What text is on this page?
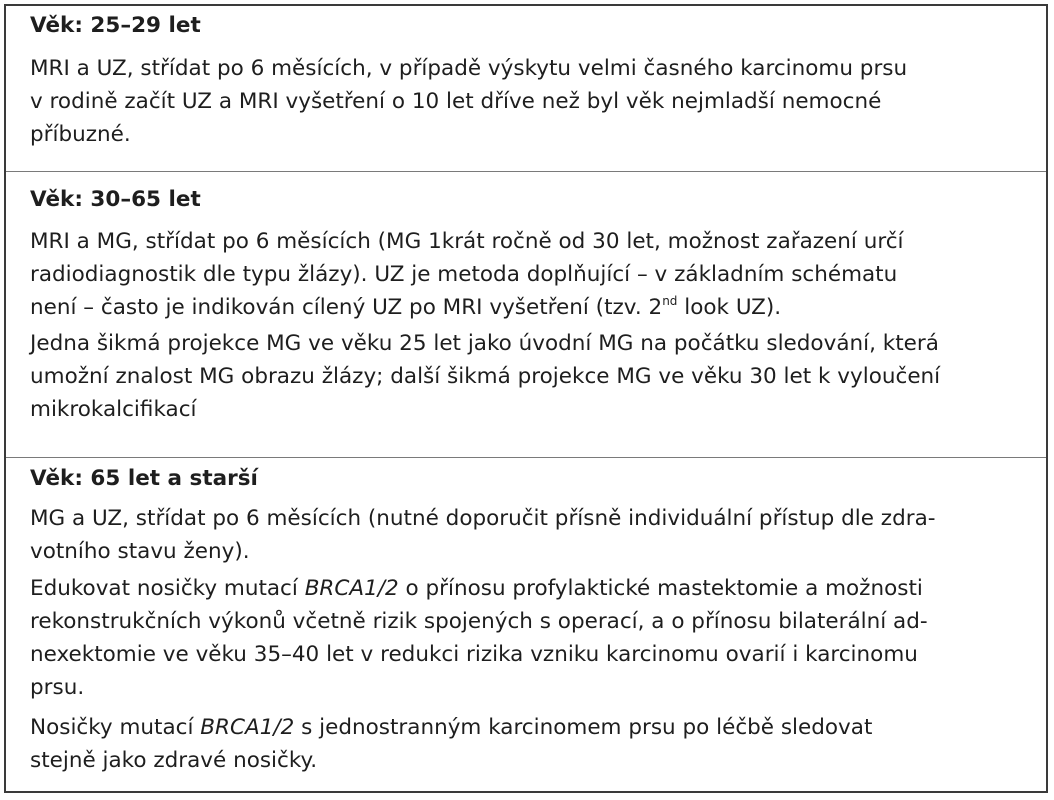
Věk: 25–29 let
MRI a UZ, střídat po 6 měsících, v případě výskytu velmi časného karcinomu prsu
v rodině začít UZ a MRI vyšetření o 10 let dříve než byl věk nejmladší nemocné
příbuzné.
Věk: 30–65 let
MRI a MG, střídat po 6 měsících (MG 1krát ročně od 30 let, možnost zařazení určí
radiodiagnostik dle typu žlázy). UZ je metoda doplňující – v základním schématu
není – často je indikován cílený UZ po MRI vyšetření (tzv. 2nd look UZ).
Jedna šikmá projekce MG ve věku 25 let jako úvodní MG na počátku sledování, která
umožní znalost MG obrazu žlázy; další šikmá projekce MG ve věku 30 let k vyloučení
mikrokalcifikací
Věk: 65 let a starší
MG a UZ, střídat po 6 měsících (nutné doporučit přísně individuální přístup dle zdra-
votního stavu ženy).
Edukovat nosičky mutací BRCA1/2 o přínosu profylaktické mastektomie a možnosti
rekonstrukčních výkonů včetně rizik spojených s operací, a o přínosu bilaterální ad-
nexektomie ve věku 35–40 let v redukci rizika vzniku karcinomu ovarií i karcinomu
prsu.
Nosičky mutací BRCA1/2 s jednostranným karcinomem prsu po léčbě sledovat
stejně jako zdravé nosičky.
